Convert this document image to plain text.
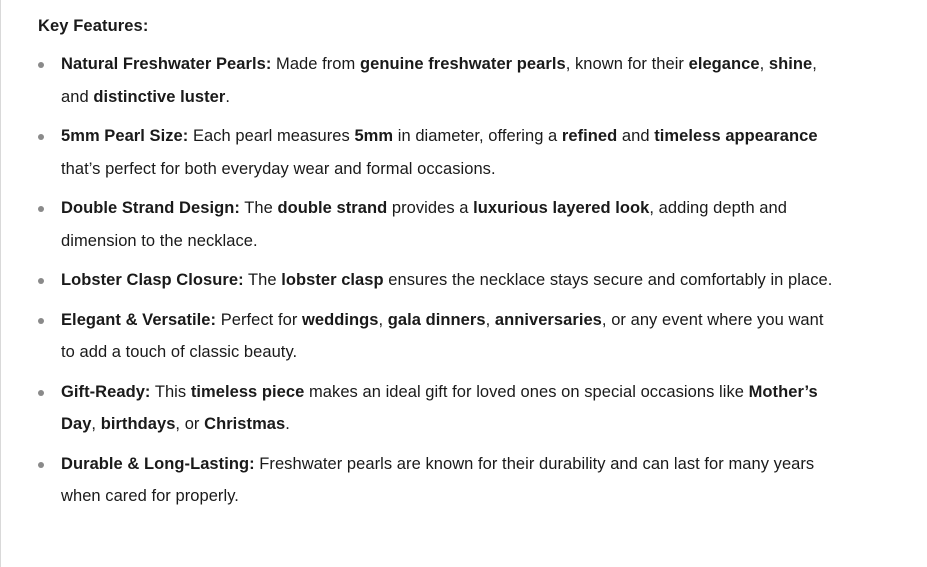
Key Features:
Natural Freshwater Pearls: Made from genuine freshwater pearls, known for their elegance, shine, and distinctive luster.
5mm Pearl Size: Each pearl measures 5mm in diameter, offering a refined and timeless appearance that’s perfect for both everyday wear and formal occasions.
Double Strand Design: The double strand provides a luxurious layered look, adding depth and dimension to the necklace.
Lobster Clasp Closure: The lobster clasp ensures the necklace stays secure and comfortably in place.
Elegant & Versatile: Perfect for weddings, gala dinners, anniversaries, or any event where you want to add a touch of classic beauty.
Gift-Ready: This timeless piece makes an ideal gift for loved ones on special occasions like Mother’s Day, birthdays, or Christmas.
Durable & Long-Lasting: Freshwater pearls are known for their durability and can last for many years when cared for properly.
